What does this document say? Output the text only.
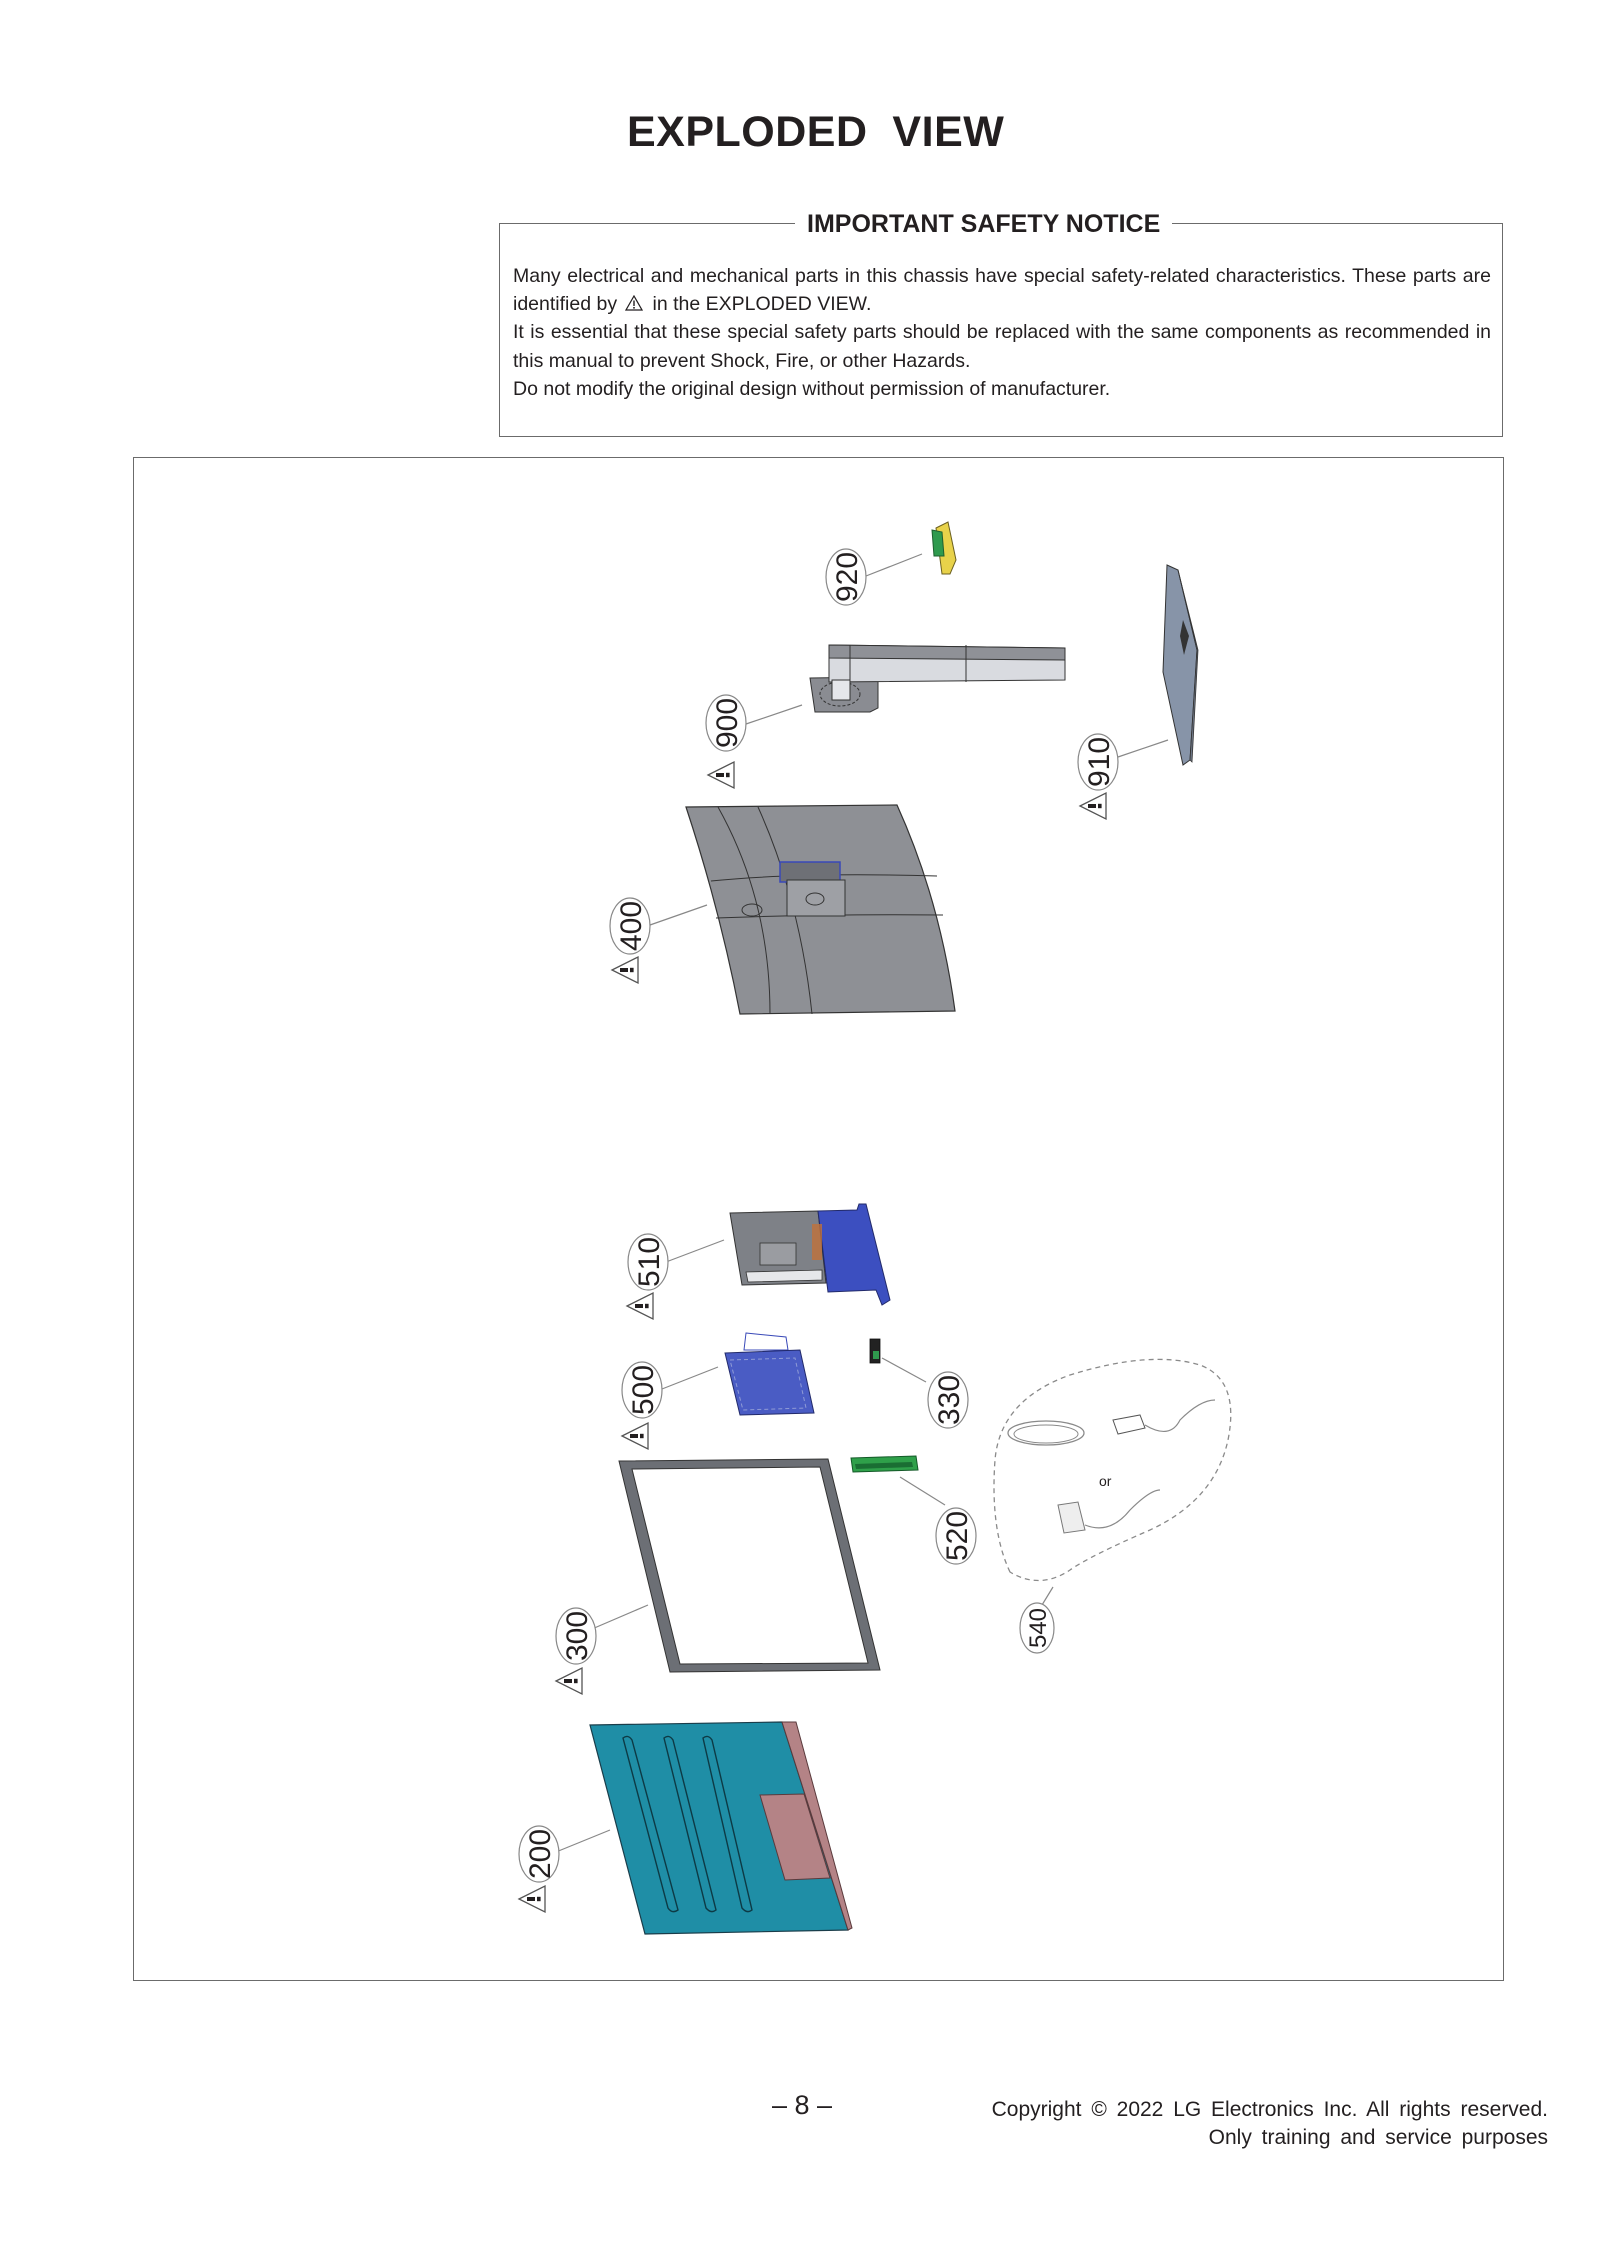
EXPLODED  VIEW
IMPORTANT SAFETY NOTICE

Many electrical and mechanical parts in this chassis have special safety-related characteristics. These parts are identified by in the EXPLODED VIEW.

It is essential that these special safety parts should be replaced with the same components as recommended in this manual to prevent Shock, Fire, or other Hazards.

Do not modify the original design without permission of manufacturer.

920
900
910
400
510
500	330
520
300
or
540
200
– 8 –	Copyright © 2022 LG Electronics Inc. All rights reserved.
Only training and service purposes
